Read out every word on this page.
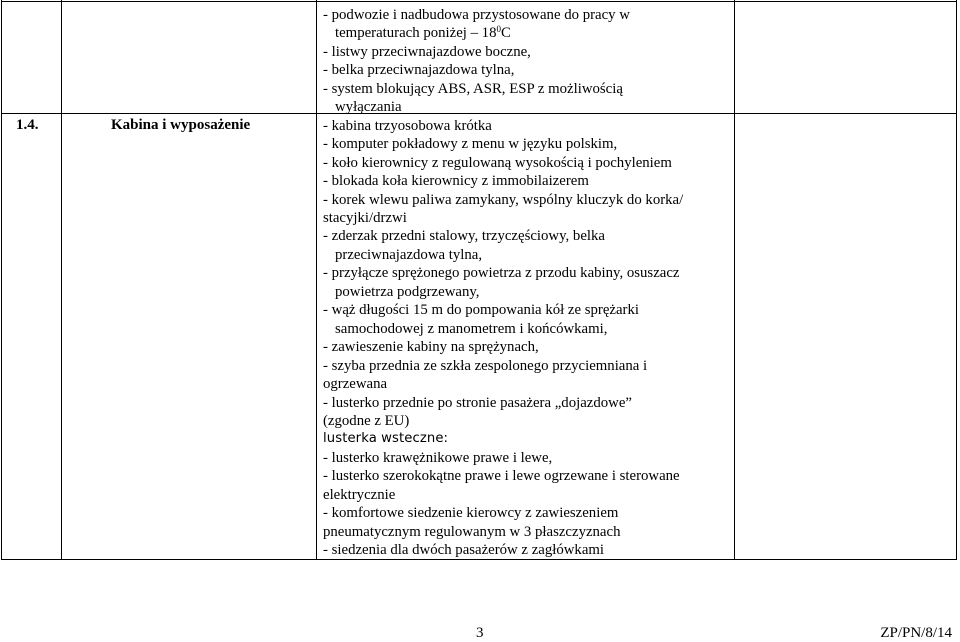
1.4.	Kabina i wyposażenie
- podwozie i nadbudowa przystosowane do pracy w
temperaturach poniżej – $18^0C$
- listwy przeciwnajazdowe boczne,
- belka przeciwnajazdowa tylna,
- system blokujący ABS, ASR, ESP z możliwością
wyłączania
- kabina trzyosobowa krótka
- komputer pokładowy z menu w języku polskim,
- koło kierownicy z regulowaną wysokością i pochyleniem
- blokada koła kierownicy z immobilaizerem
- korek wlewu paliwa zamykany, wspólny kluczyk do korka/
stacyjki/drzwi
- zderzak przedni stalowy, trzyczęściowy, belka
przeciwnajazdowa tylna,
- przyłącze sprężonego powietrza z przodu kabiny, osuszacz
powietrza podgrzewany,
- wąż długości 15 m do pompowania kół ze sprężarki
samochodowej z manometrem i końcówkami,
- zawieszenie kabiny na sprężynach,
- szyba przednia ze szkła zespolonego przyciemniana i
ogrzewana
- lusterko przednie po stronie pasażera „dojazdowe”
(zgodne z EU)
lusterka wsteczne:
- lusterko krawężnikowe prawe i lewe,
- lusterko szerokokątne prawe i lewe ogrzewane i sterowane
elektrycznie
- komfortowe siedzenie kierowcy z zawieszeniem
pneumatycznym regulowanym w 3 płaszczyznach
- siedzenia dla dwóch pasażerów z zagłówkami
3	ZP/PN/8/14
